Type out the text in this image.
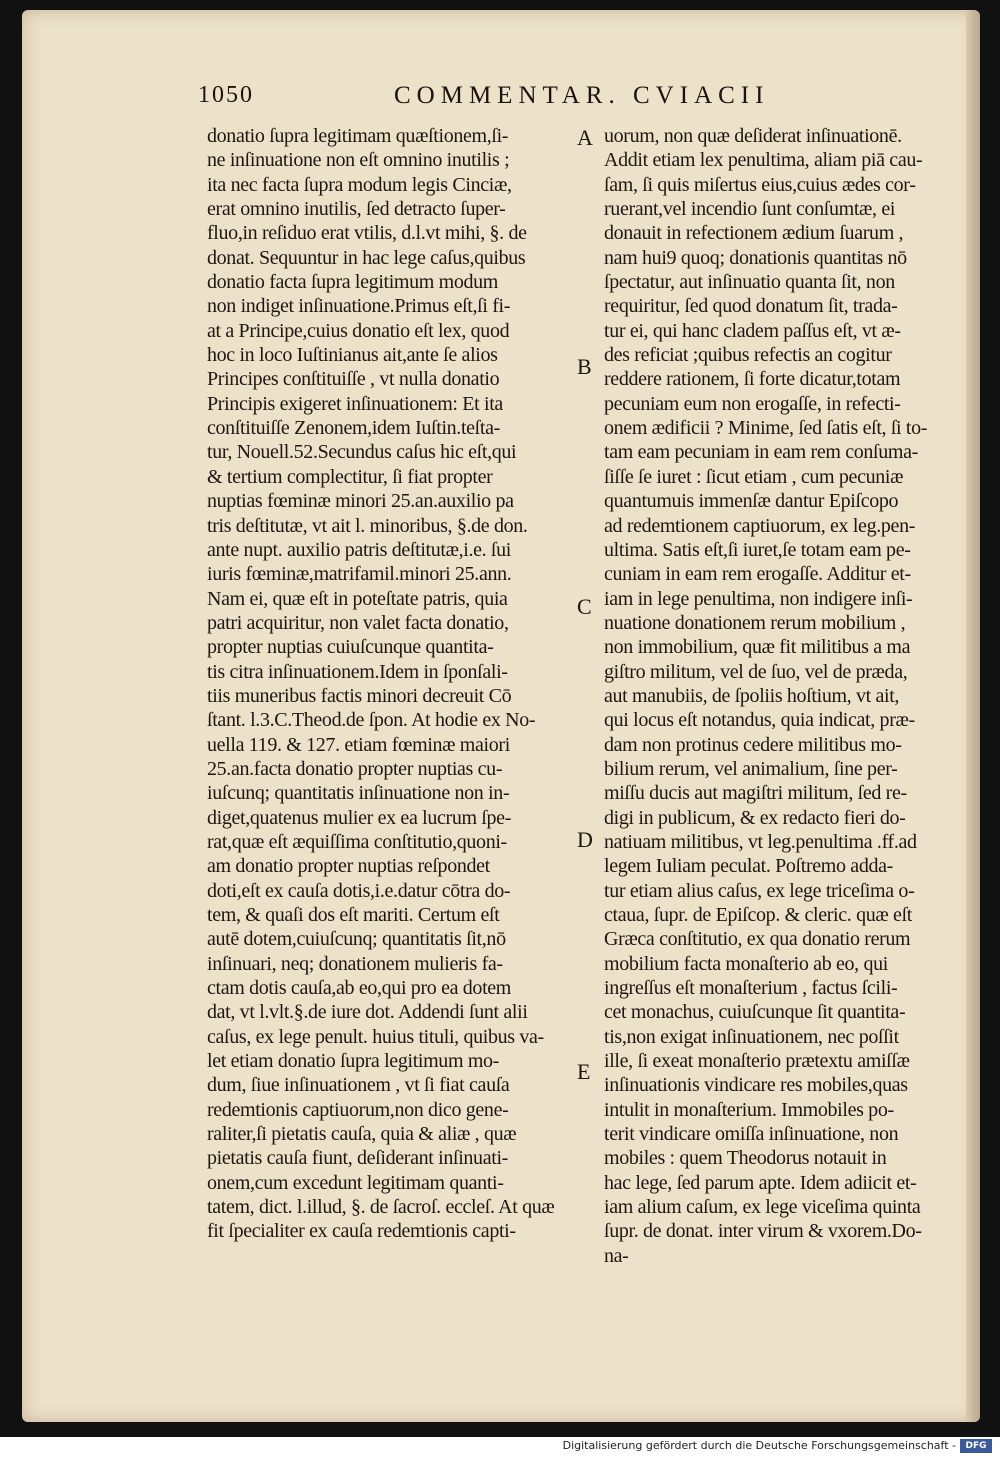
1050	COMMENTAR. CVIACII
A
B
C
D
E
donatio ſupra legitimam quæſtionem,ſi-
ne inſinuatione non eſt omnino inutilis ;
ita nec facta ſupra modum legis Cinciæ,
erat omnino inutilis, ſed detracto ſuper-
fluo,in reſiduo erat vtilis, d.l.vt mihi, §. de
donat. Sequuntur in hac lege caſus,quibus
donatio facta ſupra legitimum modum
non indiget inſinuatione.Primus eſt,ſi fi-
at a Principe,cuius donatio eſt lex, quod
hoc in loco Iuſtinianus ait,ante ſe alios
Principes conſtituiſſe , vt nulla donatio
Principis exigeret inſinuationem: Et ita
conſtituiſſe Zenonem,idem Iuſtin.teſta-
tur, Nouell.52.Secundus caſus hic eſt,qui
& tertium complectitur, ſi fiat propter
nuptias fœminæ minori 25.an.auxilio pa
tris deſtitutæ, vt ait l. minoribus, §.de don.
ante nupt. auxilio patris deſtitutæ,i.e. ſui
iuris fœminæ,matrifamil.minori 25.ann.
Nam ei, quæ eſt in poteſtate patris, quia
patri acquiritur, non valet facta donatio,
propter nuptias cuiuſcunque quantita-
tis citra inſinuationem.Idem in ſponſali-
tiis muneribus factis minori decreuit Cō
ſtant. l.3.C.Theod.de ſpon. At hodie ex No-
uella 119. & 127. etiam fœminæ maiori
25.an.facta donatio propter nuptias cu-
iuſcunq; quantitatis inſinuatione non in-
diget,quatenus mulier ex ea lucrum ſpe-
rat,quæ eſt æquiſſima conſtitutio,quoni-
am donatio propter nuptias reſpondet
doti,eſt ex cauſa dotis,i.e.datur cōtra do-
tem, & quaſi dos eſt mariti. Certum eſt
autē dotem,cuiuſcunq; quantitatis ſit,nō
inſinuari, neq; donationem mulieris fa-
ctam dotis cauſa,ab eo,qui pro ea dotem
dat, vt l.vlt.§.de iure dot. Addendi ſunt alii
caſus, ex lege penult. huius tituli, quibus va-
let etiam donatio ſupra legitimum mo-
dum, ſiue inſinuationem , vt ſi fiat cauſa
redemtionis captiuorum,non dico gene-
raliter,ſi pietatis cauſa, quia & aliæ , quæ
pietatis cauſa fiunt, deſiderant inſinuati-
onem,cum excedunt legitimam quanti-
tatem, dict. l.illud, §. de ſacroſ. eccleſ. At quæ
fit ſpecialiter ex cauſa redemtionis capti-
uorum, non quæ deſiderat inſinuationē.
Addit etiam lex penultima, aliam piā cau-
ſam, ſi quis miſertus eius,cuius ædes cor-
ruerant,vel incendio ſunt conſumtæ, ei
donauit in refectionem ædium ſuarum ,
nam hui9 quoq; donationis quantitas nō
ſpectatur, aut inſinuatio quanta ſit, non
requiritur, ſed quod donatum ſit, trada-
tur ei, qui hanc cladem paſſus eſt, vt æ-
des reficiat ;quibus refectis an cogitur
reddere rationem, ſi forte dicatur,totam
pecuniam eum non erogaſſe, in refecti-
onem ædificii ? Minime, ſed ſatis eſt, ſi to-
tam eam pecuniam in eam rem conſuma-
ſiſſe ſe iuret : ſicut etiam , cum pecuniæ
quantumuis immenſæ dantur Epiſcopo
ad redemtionem captiuorum, ex leg.pen-
ultima. Satis eſt,ſi iuret,ſe totam eam pe-
cuniam in eam rem erogaſſe. Additur et-
iam in lege penultima, non indigere inſi-
nuatione donationem rerum mobilium ,
non immobilium, quæ fit militibus a ma
giſtro militum, vel de ſuo, vel de præda,
aut manubiis, de ſpoliis hoſtium, vt ait,
qui locus eſt notandus, quia indicat, præ-
dam non protinus cedere militibus mo-
bilium rerum, vel animalium, ſine per-
miſſu ducis aut magiſtri militum, ſed re-
digi in publicum, & ex redacto fieri do-
natiuam militibus, vt leg.penultima .ff.ad
legem Iuliam peculat. Poſtremo adda-
tur etiam alius caſus, ex lege triceſima o-
ctaua, ſupr. de Epiſcop. & cleric. quæ eſt
Græca conſtitutio, ex qua donatio rerum
mobilium facta monaſterio ab eo, qui
ingreſſus eſt monaſterium , factus ſcili-
cet monachus, cuiuſcunque ſit quantita-
tis,non exigat inſinuationem, nec poſſit
ille, ſi exeat monaſterio prætextu amiſſæ
inſinuationis vindicare res mobiles,quas
intulit in monaſterium. Immobiles po-
terit vindicare omiſſa inſinuatione, non
mobiles : quem Theodorus notauit in
hac lege, ſed parum apte. Idem adiicit et-
iam alium caſum, ex lege viceſima quinta
ſupr. de donat. inter virum & vxorem.Do-
na-
Digitalisierung gefördert durch die Deutsche Forschungsgemeinschaft -	DFG
